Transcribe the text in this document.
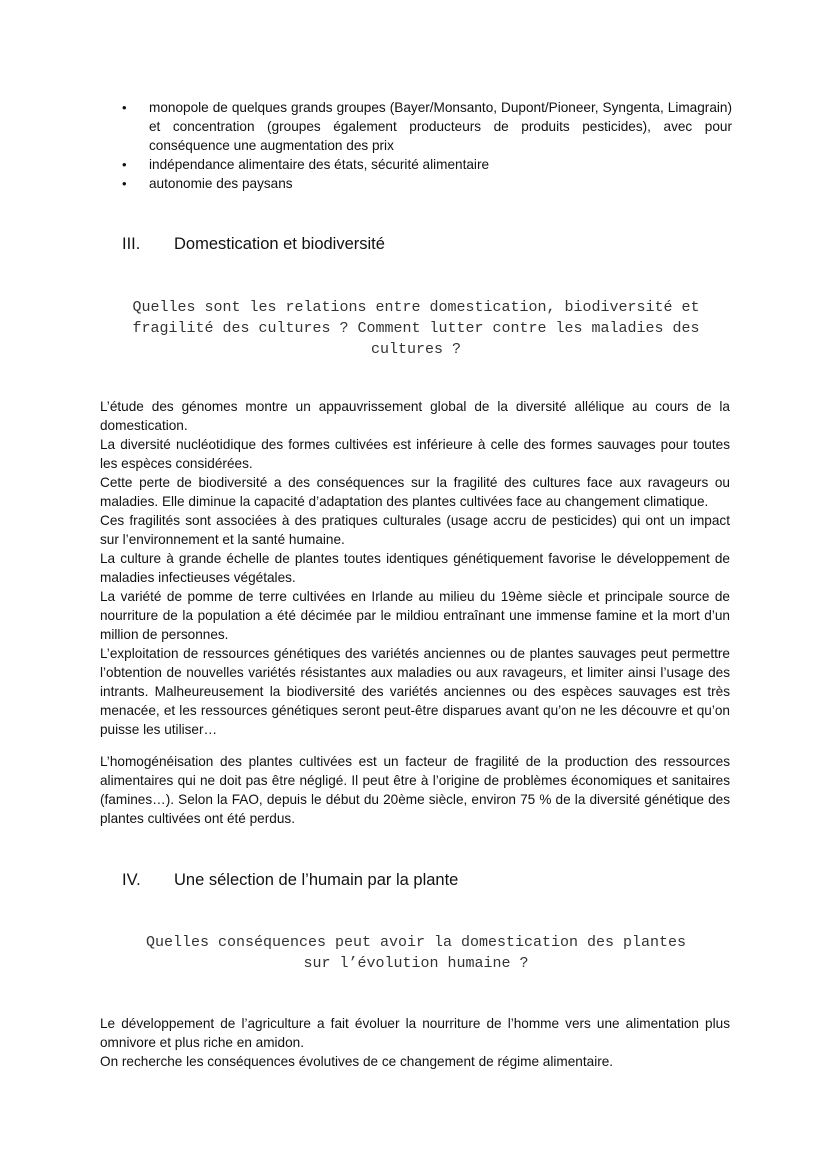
• monopole de quelques grands groupes (Bayer/Monsanto, Dupont/Pioneer, Syngenta, Limagrain) et concentration (groupes également producteurs de produits pesticides), avec pour conséquence une augmentation des prix
• indépendance alimentaire des états, sécurité alimentaire
• autonomie des paysans
III. Domestication et biodiversité

Quelles sont les relations entre domestication, biodiversité et fragilité des cultures ? Comment lutter contre les maladies des cultures ?

L’étude des génomes montre un appauvrissement global de la diversité allélique au cours de la domestication.
La diversité nucléotidique des formes cultivées est inférieure à celle des formes sauvages pour toutes les espèces considérées.
Cette perte de biodiversité a des conséquences sur la fragilité des cultures face aux ravageurs ou maladies. Elle diminue la capacité d’adaptation des plantes cultivées face au changement climatique.
Ces fragilités sont associées à des pratiques culturales (usage accru de pesticides) qui ont un impact sur l’environnement et la santé humaine.
La culture à grande échelle de plantes toutes identiques génétiquement favorise le développement de maladies infectieuses végétales.
La variété de pomme de terre cultivées en Irlande au milieu du 19ème siècle et principale source de nourriture de la population a été décimée par le mildiou entraînant une immense famine et la mort d’un million de personnes.
L’exploitation de ressources génétiques des variétés anciennes ou de plantes sauvages peut permettre l’obtention de nouvelles variétés résistantes aux maladies ou aux ravageurs, et limiter ainsi l’usage des intrants. Malheureusement la biodiversité des variétés anciennes ou des espèces sauvages est très menacée, et les ressources génétiques seront peut-être disparues avant qu’on ne les découvre et qu’on puisse les utiliser…
L’homogénéisation des plantes cultivées est un facteur de fragilité de la production des ressources alimentaires qui ne doit pas être négligé. Il peut être à l’origine de problèmes économiques et sanitaires (famines…). Selon la FAO, depuis le début du 20ème siècle, environ 75 % de la diversité génétique des plantes cultivées ont été perdus.
IV. Une sélection de l’humain par la plante

Quelles conséquences peut avoir la domestication des plantes sur l’évolution humaine ?

Le développement de l’agriculture a fait évoluer la nourriture de l’homme vers une alimentation plus omnivore et plus riche en amidon.
On recherche les conséquences évolutives de ce changement de régime alimentaire.
